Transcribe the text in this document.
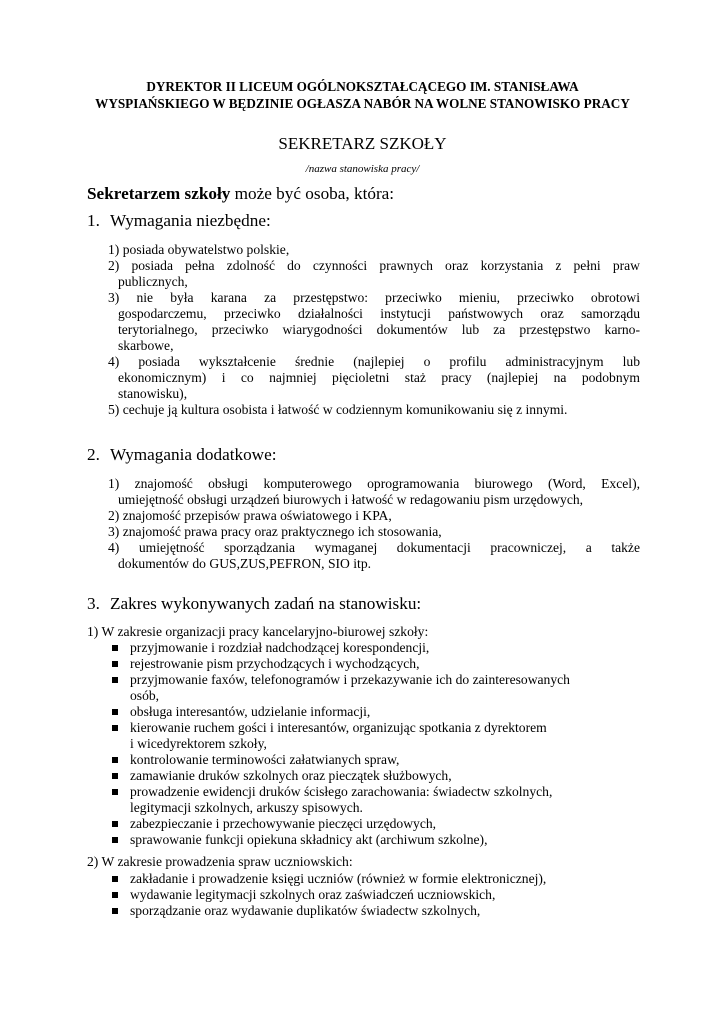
DYREKTOR II LICEUM OGÓLNOKSZTAŁCĄCEGO IM. STANISŁAWA
WYSPIAŃSKIEGO W BĘDZINIE OGŁASZA NABÓR NA WOLNE STANOWISKO PRACY
SEKRETARZ SZKOŁY
/nazwa stanowiska pracy/
Sekretarzem szkoły może być osoba, która:
1. Wymagania niezbędne:
1) posiada obywatelstwo polskie,
2) posiada pełna zdolność do czynności prawnych oraz korzystania z pełni praw
publicznych,
3) nie była karana za przestępstwo: przeciwko mieniu, przeciwko obrotowi
gospodarczemu, przeciwko działalności instytucji państwowych oraz samorządu
terytorialnego, przeciwko wiarygodności dokumentów lub za przestępstwo karno-
skarbowe,
4) posiada wykształcenie średnie (najlepiej o profilu administracyjnym lub
ekonomicznym) i co najmniej pięcioletni staż pracy (najlepiej na podobnym
stanowisku),
5) cechuje ją kultura osobista i łatwość w codziennym komunikowaniu się z innymi.
2. Wymagania dodatkowe:
1) znajomość obsługi komputerowego oprogramowania biurowego (Word, Excel),
umiejętność obsługi urządzeń biurowych i łatwość w redagowaniu pism urzędowych,
2) znajomość przepisów prawa oświatowego i KPA,
3) znajomość prawa pracy oraz praktycznego ich stosowania,
4) umiejętność sporządzania wymaganej dokumentacji pracowniczej, a także
dokumentów do GUS,ZUS,PEFRON, SIO itp.
3. Zakres wykonywanych zadań na stanowisku:
1) W zakresie organizacji pracy kancelaryjno-biurowej szkoły:
przyjmowanie i rozdział nadchodzącej korespondencji,
rejestrowanie pism przychodzących i wychodzących,
przyjmowanie faxów, telefonogramów i przekazywanie ich do zainteresowanych
osób,
obsługa interesantów, udzielanie informacji,
kierowanie ruchem gości i interesantów, organizując spotkania z dyrektorem
i wicedyrektorem szkoły,
kontrolowanie terminowości załatwianych spraw,
zamawianie druków szkolnych oraz pieczątek służbowych,
prowadzenie ewidencji druków ścisłego zarachowania: świadectw szkolnych,
legitymacji szkolnych, arkuszy spisowych.
zabezpieczanie i przechowywanie pieczęci urzędowych,
sprawowanie funkcji opiekuna składnicy akt (archiwum szkolne),
2) W zakresie prowadzenia spraw uczniowskich:
zakładanie i prowadzenie księgi uczniów (również w formie elektronicznej),
wydawanie legitymacji szkolnych oraz zaświadczeń uczniowskich,
sporządzanie oraz wydawanie duplikatów świadectw szkolnych,
